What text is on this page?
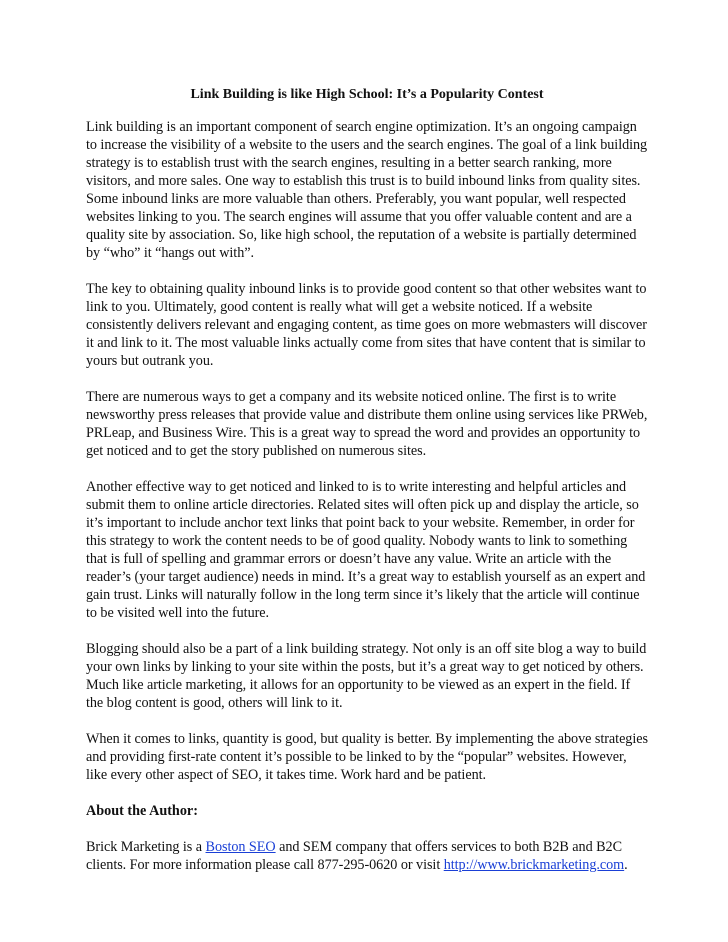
Link Building is like High School: It’s a Popularity Contest

Link building is an important component of search engine optimization. It’s an ongoing campaign to increase the visibility of a website to the users and the search engines. The goal of a link building strategy is to establish trust with the search engines, resulting in a better search ranking, more visitors, and more sales. One way to establish this trust is to build inbound links from quality sites. Some inbound links are more valuable than others. Preferably, you want popular, well respected websites linking to you. The search engines will assume that you offer valuable content and are a quality site by association. So, like high school, the reputation of a website is partially determined by “who” it “hangs out with”.

The key to obtaining quality inbound links is to provide good content so that other websites want to link to you. Ultimately, good content is really what will get a website noticed. If a website consistently delivers relevant and engaging content, as time goes on more webmasters will discover it and link to it. The most valuable links actually come from sites that have content that is similar to yours but outrank you.

There are numerous ways to get a company and its website noticed online. The first is to write newsworthy press releases that provide value and distribute them online using services like PRWeb, PRLeap, and Business Wire. This is a great way to spread the word and provides an opportunity to get noticed and to get the story published on numerous sites.

Another effective way to get noticed and linked to is to write interesting and helpful articles and submit them to online article directories. Related sites will often pick up and display the article, so it’s important to include anchor text links that point back to your website. Remember, in order for this strategy to work the content needs to be of good quality. Nobody wants to link to something that is full of spelling and grammar errors or doesn’t have any value. Write an article with the reader’s (your target audience) needs in mind. It’s a great way to establish yourself as an expert and gain trust. Links will naturally follow in the long term since it’s likely that the article will continue to be visited well into the future.

Blogging should also be a part of a link building strategy. Not only is an off site blog a way to build your own links by linking to your site within the posts, but it’s a great way to get noticed by others. Much like article marketing, it allows for an opportunity to be viewed as an expert in the field. If the blog content is good, others will link to it.

When it comes to links, quantity is good, but quality is better. By implementing the above strategies and providing first-rate content it’s possible to be linked to by the “popular” websites. However, like every other aspect of SEO, it takes time. Work hard and be patient.

About the Author:

Brick Marketing is a Boston SEO and SEM company that offers services to both B2B and B2C clients. For more information please call 877-295-0620 or visit http://www.brickmarketing.com.
